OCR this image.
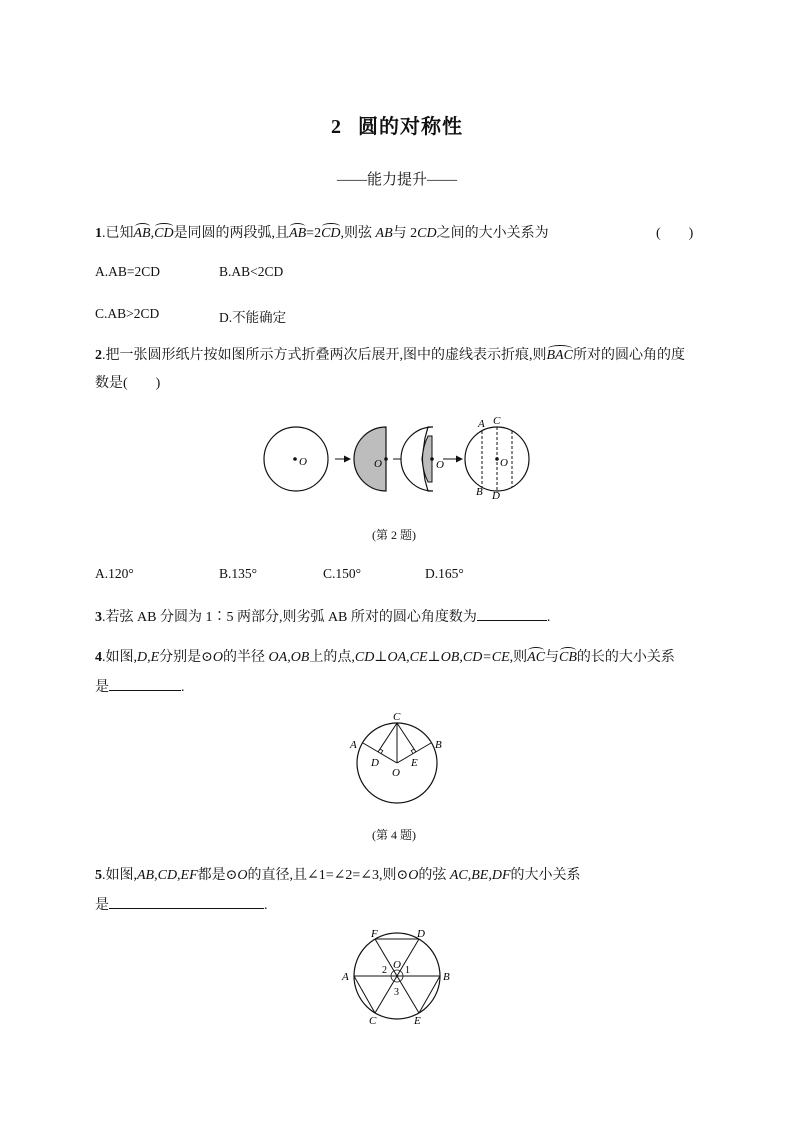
2 圆的对称性
——能力提升——
1.已知AB,CD是同圆的两段弧,且AB=2CD,则弦 AB与 2CD之间的大小关系为	(　　)
A.AB=2CD	B.AB<2CD
C.AB>2CD	D.不能确定
2.把一张圆形纸片按如图所示方式折叠两次后展开,图中的虚线表示折痕,则BAC所对的圆心角的度
数是(　　)
O	O	O	O
A C
B D
(第 2 题)
A.120°	B.135°	C.150°	D.165°
3.若弦 AB 分圆为 1∶5 两部分,则劣弧 AB 所对的圆心角度数为	.
4.如图,D,E分别是⊙O的半径 OA,OB上的点,CD⊥OA,CE⊥OB,CD=CE,则AC与CB的长的大小关系
是	.
A	B
C
D	E
O
(第 4 题)
5.如图,AB,CD,EF都是⊙O的直径,且∠1=∠2=∠3,则⊙O的弦 AC,BE,DF的大小关系
是	.
A	B
C
D
E
F
O 1
2
3
